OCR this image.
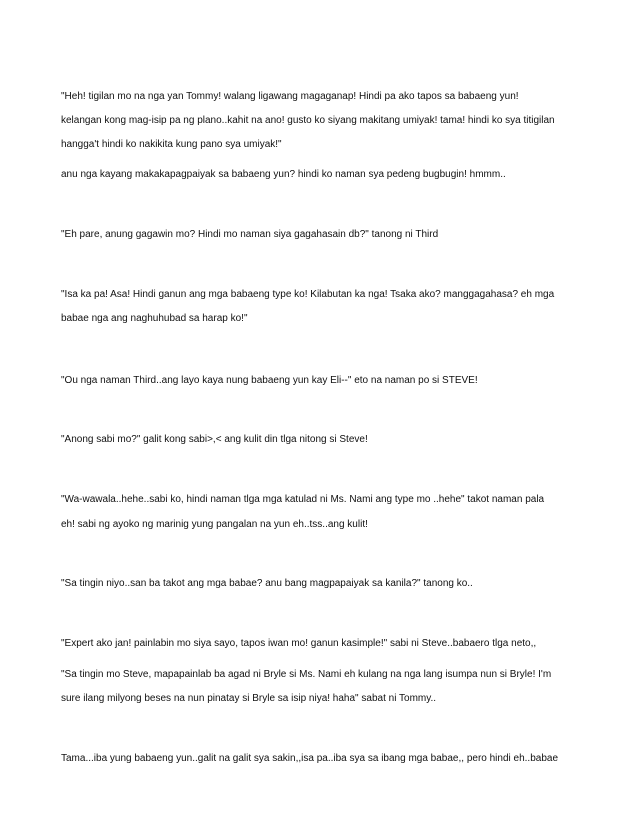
"Heh! tigilan mo na nga yan Tommy! walang ligawang magaganap! Hindi pa ako tapos sa babaeng yun!
kelangan kong mag-isip pa ng plano..kahit na ano! gusto ko siyang makitang umiyak! tama! hindi ko sya titigilan
hangga't hindi ko nakikita kung pano sya umiyak!"
anu nga kayang makakapagpaiyak sa babaeng yun? hindi ko naman sya pedeng bugbugin! hmmm..
"Eh pare, anung gagawin mo? Hindi mo naman siya gagahasain db?" tanong ni Third
"Isa ka pa! Asa! Hindi ganun ang mga babaeng type ko! Kilabutan ka nga! Tsaka ako? manggagahasa? eh mga
babae nga ang naghuhubad sa harap ko!"
"Ou nga naman Third..ang layo kaya nung babaeng yun kay Eli--" eto na naman po si STEVE!
"Anong sabi mo?" galit kong sabi>,< ang kulit din tlga nitong si Steve!
"Wa-wawala..hehe..sabi ko, hindi naman tlga mga katulad ni Ms. Nami ang type mo ..hehe" takot naman pala
eh! sabi ng ayoko ng marinig yung pangalan na yun eh..tss..ang kulit!
"Sa tingin niyo..san ba takot ang mga babae? anu bang magpapaiyak sa kanila?" tanong ko..
"Expert ako jan! painlabin mo siya sayo, tapos iwan mo! ganun kasimple!" sabi ni Steve..babaero tlga neto,,
"Sa tingin mo Steve, mapapainlab ba agad ni Bryle si Ms. Nami eh kulang na nga lang isumpa nun si Bryle! I'm
sure ilang milyong beses na nun pinatay si Bryle sa isip niya! haha" sabat ni Tommy..
Tama...iba yung babaeng yun..galit na galit sya sakin,,isa pa..iba sya sa ibang mga babae,, pero hindi eh..babae
